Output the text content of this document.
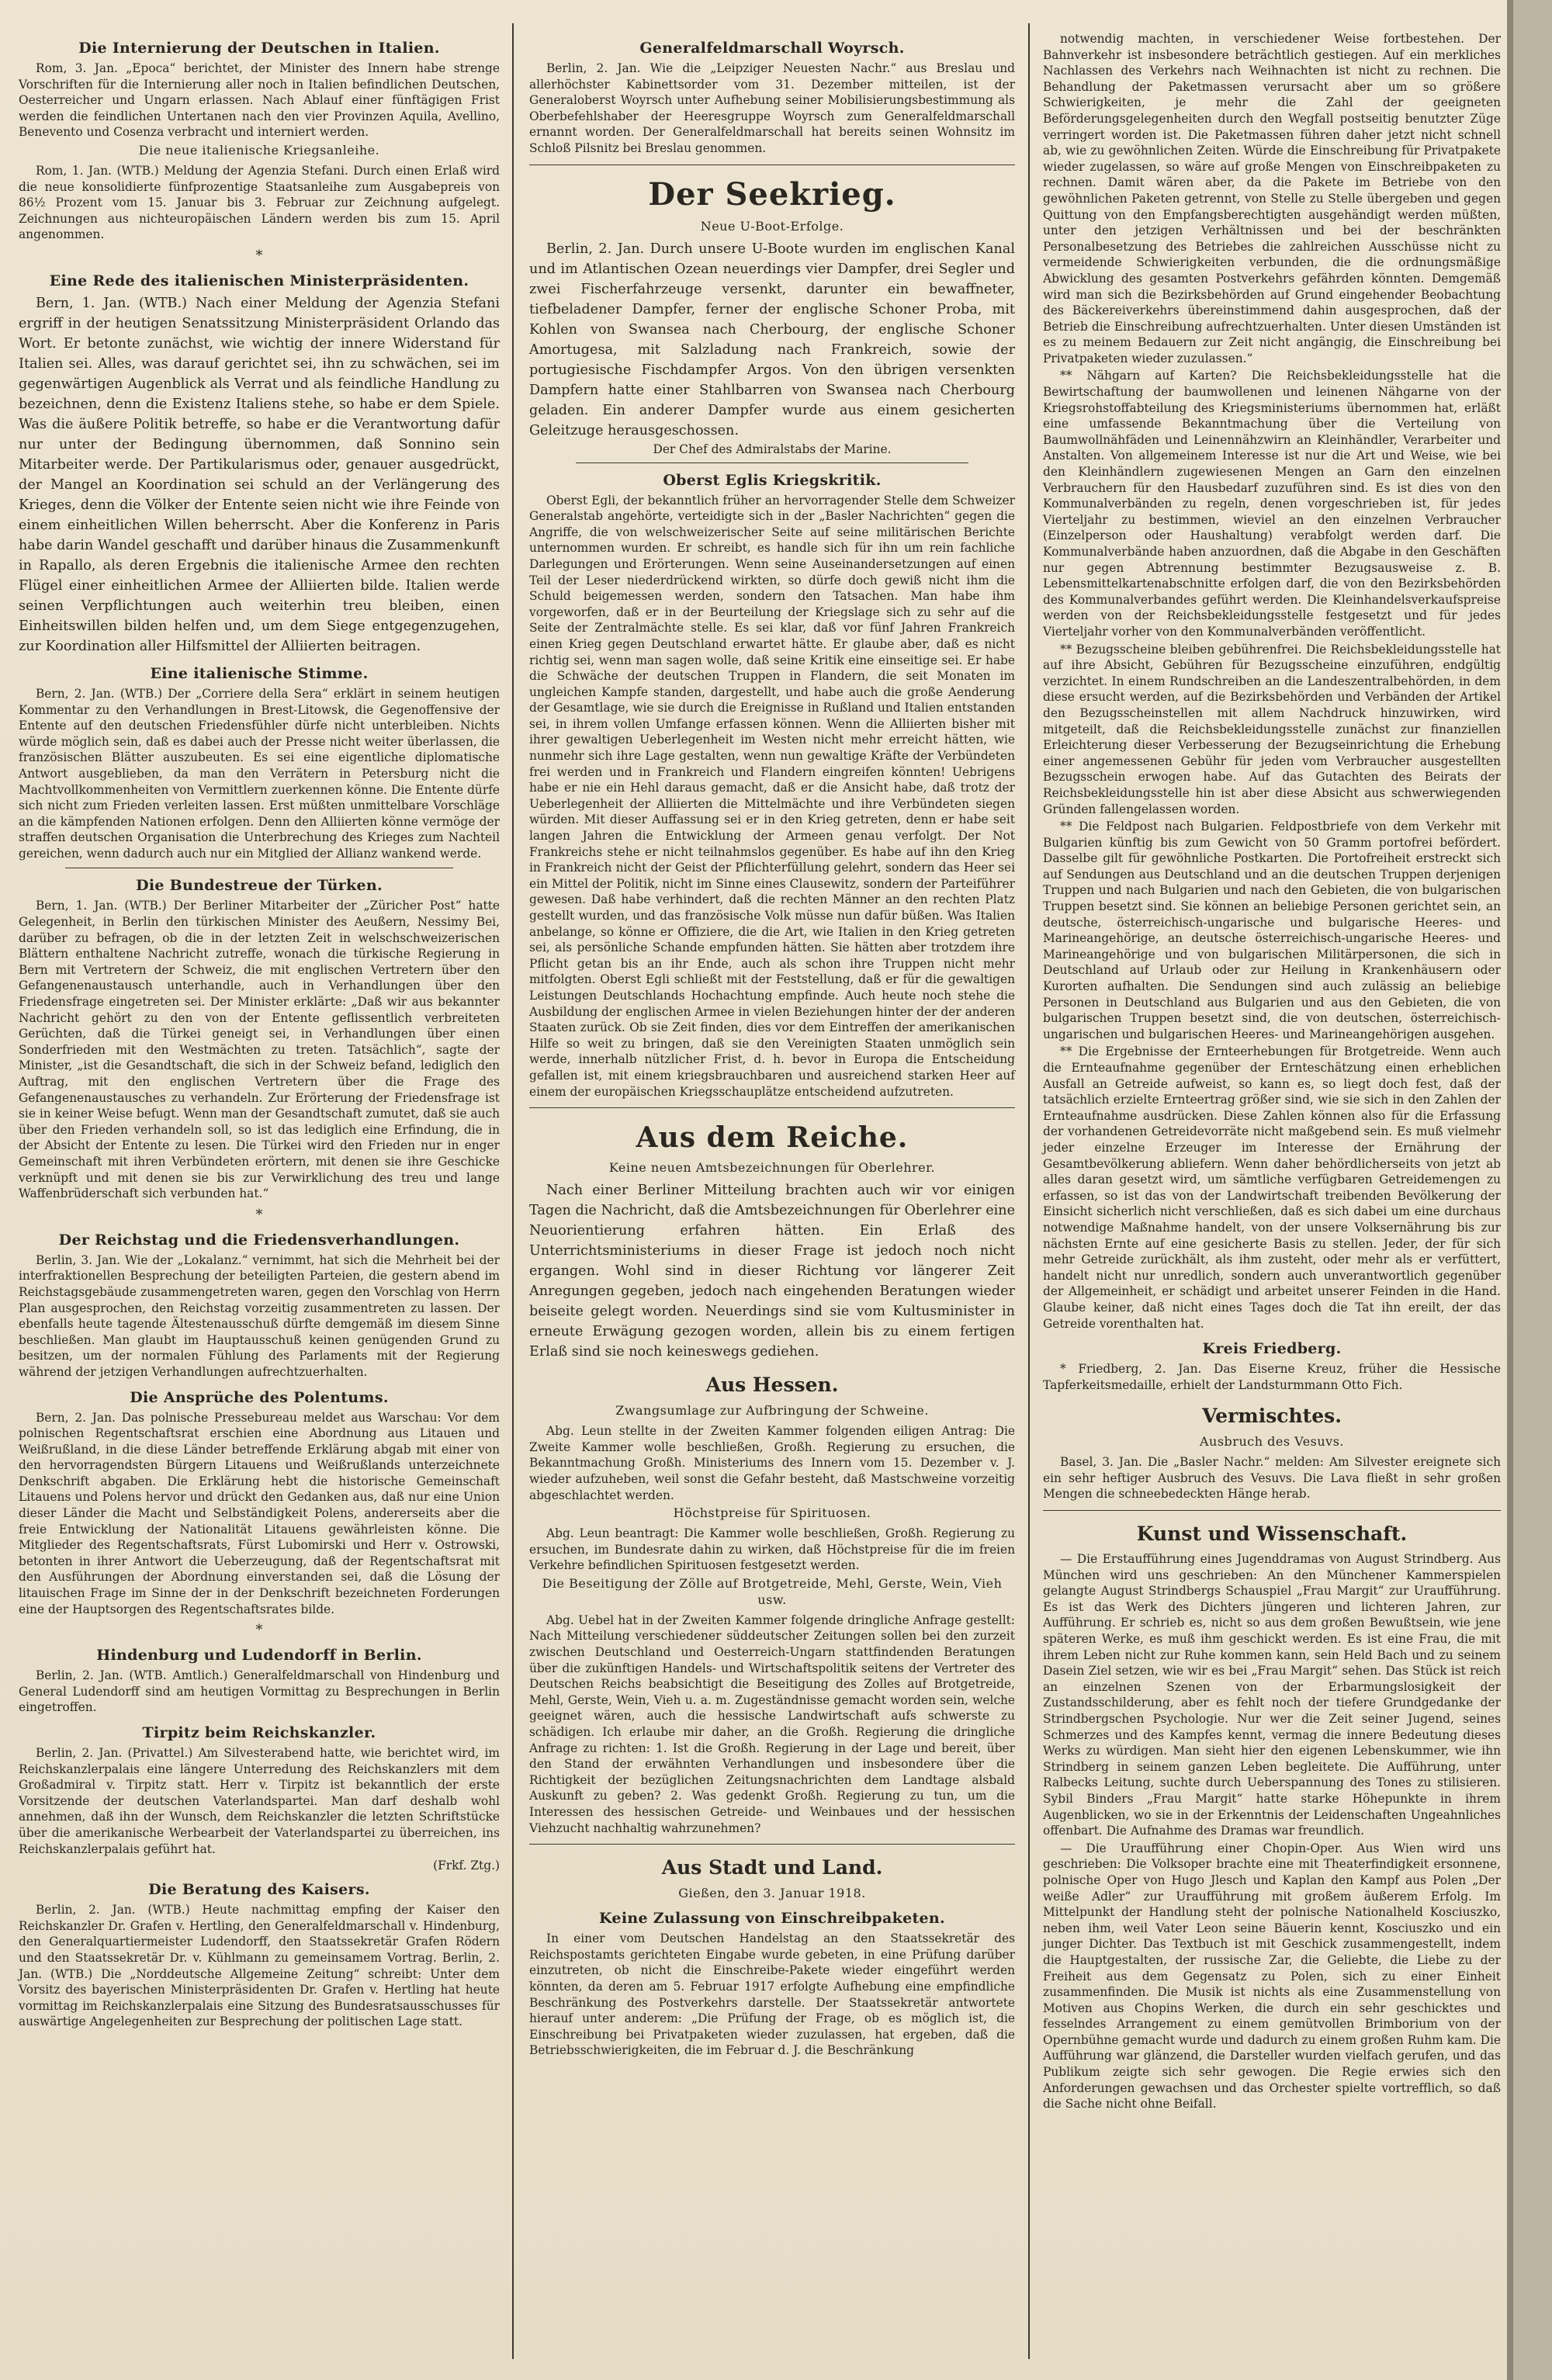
Die Internierung der Deutschen in Italien.

Rom, 3. Jan. „Epoca“ berichtet, der Minister des Innern habe strenge Vorschriften für die Internierung aller noch in Italien befindlichen Deutschen, Oesterreicher und Ungarn erlassen. Nach Ablauf einer fünftägigen Frist werden die feindlichen Untertanen nach den vier Provinzen Aquila, Avellino, Benevento und Cosenza verbracht und interniert werden.

Die neue italienische Kriegsanleihe.

Rom, 1. Jan. (WTB.) Meldung der Agenzia Stefani. Durch einen Erlaß wird die neue konsolidierte fünfprozentige Staatsanleihe zum Ausgabepreis von 86½ Prozent vom 15. Januar bis 3. Februar zur Zeichnung aufgelegt. Zeichnungen aus nichteuropäischen Ländern werden bis zum 15. April angenommen.

*
Eine Rede des italienischen Ministerpräsidenten.

Bern, 1. Jan. (WTB.) Nach einer Meldung der Agenzia Stefani ergriff in der heutigen Senatssitzung Ministerpräsident Orlando das Wort. Er betonte zunächst, wie wichtig der innere Widerstand für Italien sei. Alles, was darauf gerichtet sei, ihn zu schwächen, sei im gegenwärtigen Augenblick als Verrat und als feindliche Handlung zu bezeichnen, denn die Existenz Italiens stehe, so habe er dem Spiele. Was die äußere Politik betreffe, so habe er die Verantwortung dafür nur unter der Bedingung übernommen, daß Sonnino sein Mitarbeiter werde. Der Partikularismus oder, genauer ausgedrückt, der Mangel an Koordination sei schuld an der Verlängerung des Krieges, denn die Völker der Entente seien nicht wie ihre Feinde von einem einheitlichen Willen beherrscht. Aber die Konferenz in Paris habe darin Wandel geschafft und darüber hinaus die Zusammenkunft in Rapallo, als deren Ergebnis die italienische Armee den rechten Flügel einer einheitlichen Armee der Alliierten bilde. Italien werde seinen Verpflichtungen auch weiterhin treu bleiben, einen Einheitswillen bilden helfen und, um dem Siege entgegenzugehen, zur Koordination aller Hilfsmittel der Alliierten beitragen.

Eine italienische Stimme.

Bern, 2. Jan. (WTB.) Der „Corriere della Sera“ erklärt in seinem heutigen Kommentar zu den Verhandlungen in Brest-Litowsk, die Gegenoffensive der Entente auf den deutschen Friedensfühler dürfe nicht unterbleiben. Nichts würde möglich sein, daß es dabei auch der Presse nicht weiter überlassen, die französischen Blätter auszubeuten. Es sei eine eigentliche diplomatische Antwort ausgeblieben, da man den Verrätern in Petersburg nicht die Machtvollkommenheiten von Vermittlern zuerkennen könne. Die Entente dürfe sich nicht zum Frieden verleiten lassen. Erst müßten unmittelbare Vorschläge an die kämpfenden Nationen erfolgen. Denn den Alliierten könne vermöge der straffen deutschen Organisation die Unterbrechung des Krieges zum Nachteil gereichen, wenn dadurch auch nur ein Mitglied der Allianz wankend werde.

Die Bundestreue der Türken.

Bern, 1. Jan. (WTB.) Der Berliner Mitarbeiter der „Züricher Post“ hatte Gelegenheit, in Berlin den türkischen Minister des Aeußern, Nessimy Bei, darüber zu befragen, ob die in der letzten Zeit in welschschweizerischen Blättern enthaltene Nachricht zutreffe, wonach die türkische Regierung in Bern mit Vertretern der Schweiz, die mit englischen Vertretern über den Gefangenenaustausch unterhandle, auch in Verhandlungen über den Friedensfrage eingetreten sei. Der Minister erklärte: „Daß wir aus bekannter Nachricht gehört zu den von der Entente geflissentlich verbreiteten Gerüchten, daß die Türkei geneigt sei, in Verhandlungen über einen Sonderfrieden mit den Westmächten zu treten. Tatsächlich“, sagte der Minister, „ist die Gesandtschaft, die sich in der Schweiz befand, lediglich den Auftrag, mit den englischen Vertretern über die Frage des Gefangenenaustausches zu verhandeln. Zur Erörterung der Friedensfrage ist sie in keiner Weise befugt. Wenn man der Gesandtschaft zumutet, daß sie auch über den Frieden verhandeln soll, so ist das lediglich eine Erfindung, die in der Absicht der Entente zu lesen. Die Türkei wird den Frieden nur in enger Gemeinschaft mit ihren Verbündeten erörtern, mit denen sie ihre Geschicke verknüpft und mit denen sie bis zur Verwirklichung des treu und lange Waffenbrüderschaft sich verbunden hat.“

*
Der Reichstag und die Friedensverhandlungen.

Berlin, 3. Jan. Wie der „Lokalanz.“ vernimmt, hat sich die Mehrheit bei der interfraktionellen Besprechung der beteiligten Parteien, die gestern abend im Reichstagsgebäude zusammengetreten waren, gegen den Vorschlag von Herrn Plan ausgesprochen, den Reichstag vorzeitig zusammentreten zu lassen. Der ebenfalls heute tagende Ältestenausschuß dürfte demgemäß im diesem Sinne beschließen. Man glaubt im Hauptausschuß keinen genügenden Grund zu besitzen, um der normalen Fühlung des Parlaments mit der Regierung während der jetzigen Verhandlungen aufrechtzuerhalten.

Die Ansprüche des Polentums.

Bern, 2. Jan. Das polnische Pressebureau meldet aus Warschau: Vor dem polnischen Regentschaftsrat erschien eine Abordnung aus Litauen und Weißrußland, in die diese Länder betreffende Erklärung abgab mit einer von den hervorragendsten Bürgern Litauens und Weißrußlands unterzeichnete Denkschrift abgaben. Die Erklärung hebt die historische Gemeinschaft Litauens und Polens hervor und drückt den Gedanken aus, daß nur eine Union dieser Länder die Macht und Selbständigkeit Polens, andererseits aber die freie Entwicklung der Nationalität Litauens gewährleisten könne. Die Mitglieder des Regentschaftsrats, Fürst Lubomirski und Herr v. Ostrowski, betonten in ihrer Antwort die Ueberzeugung, daß der Regentschaftsrat mit den Ausführungen der Abordnung einverstanden sei, daß die Lösung der litauischen Frage im Sinne der in der Denkschrift bezeichneten Forderungen eine der Hauptsorgen des Regentschaftsrates bilde.

*
Hindenburg und Ludendorff in Berlin.

Berlin, 2. Jan. (WTB. Amtlich.) Generalfeldmarschall von Hindenburg und General Ludendorff sind am heutigen Vormittag zu Besprechungen in Berlin eingetroffen.

Tirpitz beim Reichskanzler.

Berlin, 2. Jan. (Privattel.) Am Silvesterabend hatte, wie berichtet wird, im Reichskanzlerpalais eine längere Unterredung des Reichskanzlers mit dem Großadmiral v. Tirpitz statt. Herr v. Tirpitz ist bekanntlich der erste Vorsitzende der deutschen Vaterlandspartei. Man darf deshalb wohl annehmen, daß ihn der Wunsch, dem Reichskanzler die letzten Schriftstücke über die amerikanische Werbearbeit der Vaterlandspartei zu überreichen, ins Reichskanzlerpalais geführt hat.

(Frkf. Ztg.)
Die Beratung des Kaisers.

Berlin, 2. Jan. (WTB.) Heute nachmittag empfing der Kaiser den Reichskanzler Dr. Grafen v. Hertling, den Generalfeldmarschall v. Hindenburg, den Generalquartiermeister Ludendorff, den Staatssekretär Grafen Rödern und den Staatssekretär Dr. v. Kühlmann zu gemeinsamem Vortrag. Berlin, 2. Jan. (WTB.) Die „Norddeutsche Allgemeine Zeitung“ schreibt: Unter dem Vorsitz des bayerischen Ministerpräsidenten Dr. Grafen v. Hertling hat heute vormittag im Reichskanzlerpalais eine Sitzung des Bundesratsausschusses für auswärtige Angelegenheiten zur Besprechung der politischen Lage statt.

Generalfeldmarschall Woyrsch.

Berlin, 2. Jan. Wie die „Leipziger Neuesten Nachr.“ aus Breslau und allerhöchster Kabinettsorder vom 31. Dezember mitteilen, ist der Generaloberst Woyrsch unter Aufhebung seiner Mobilisierungsbestimmung als Oberbefehlshaber der Heeresgruppe Woyrsch zum Generalfeldmarschall ernannt worden. Der Generalfeldmarschall hat bereits seinen Wohnsitz im Schloß Pilsnitz bei Breslau genommen.

Der Seekrieg.
Neue U-Boot-Erfolge.

Berlin, 2. Jan. Durch unsere U-Boote wurden im englischen Kanal und im Atlantischen Ozean neuerdings vier Dampfer, drei Segler und zwei Fischerfahrzeuge versenkt, darunter ein bewaffneter, tiefbeladener Dampfer, ferner der englische Schoner Proba, mit Kohlen von Swansea nach Cherbourg, der englische Schoner Amortugesa, mit Salzladung nach Frankreich, sowie der portugiesische Fischdampfer Argos. Von den übrigen versenkten Dampfern hatte einer Stahlbarren von Swansea nach Cherbourg geladen. Ein anderer Dampfer wurde aus einem gesicherten Geleitzuge herausgeschossen.

Der Chef des Admiralstabs der Marine.
Oberst Eglis Kriegskritik.

Oberst Egli, der bekanntlich früher an hervorragender Stelle dem Schweizer Generalstab angehörte, verteidigte sich in der „Basler Nachrichten“ gegen die Angriffe, die von welschweizerischer Seite auf seine militärischen Berichte unternommen wurden. Er schreibt, es handle sich für ihn um rein fachliche Darlegungen und Erörterungen. Wenn seine Auseinandersetzungen auf einen Teil der Leser niederdrückend wirkten, so dürfe doch gewiß nicht ihm die Schuld beigemessen werden, sondern den Tatsachen. Man habe ihm vorgeworfen, daß er in der Beurteilung der Kriegslage sich zu sehr auf die Seite der Zentralmächte stelle. Es sei klar, daß vor fünf Jahren Frankreich einen Krieg gegen Deutschland erwartet hätte. Er glaube aber, daß es nicht richtig sei, wenn man sagen wolle, daß seine Kritik eine einseitige sei. Er habe die Schwäche der deutschen Truppen in Flandern, die seit Monaten im ungleichen Kampfe standen, dargestellt, und habe auch die große Aenderung der Gesamtlage, wie sie durch die Ereignisse in Rußland und Italien entstanden sei, in ihrem vollen Umfange erfassen können. Wenn die Alliierten bisher mit ihrer gewaltigen Ueberlegenheit im Westen nicht mehr erreicht hätten, wie nunmehr sich ihre Lage gestalten, wenn nun gewaltige Kräfte der Verbündeten frei werden und in Frankreich und Flandern eingreifen könnten! Uebrigens habe er nie ein Hehl daraus gemacht, daß er die Ansicht habe, daß trotz der Ueberlegenheit der Alliierten die Mittelmächte und ihre Verbündeten siegen würden. Mit dieser Auffassung sei er in den Krieg getreten, denn er habe seit langen Jahren die Entwicklung der Armeen genau verfolgt. Der Not Frankreichs stehe er nicht teilnahmslos gegenüber. Es habe auf ihn den Krieg in Frankreich nicht der Geist der Pflichterfüllung gelehrt, sondern das Heer sei ein Mittel der Politik, nicht im Sinne eines Clausewitz, sondern der Parteiführer gewesen. Daß habe verhindert, daß die rechten Männer an den rechten Platz gestellt wurden, und das französische Volk müsse nun dafür büßen. Was Italien anbelange, so könne er Offiziere, die die Art, wie Italien in den Krieg getreten sei, als persönliche Schande empfunden hätten. Sie hätten aber trotzdem ihre Pflicht getan bis an ihr Ende, auch als schon ihre Truppen nicht mehr mitfolgten. Oberst Egli schließt mit der Feststellung, daß er für die gewaltigen Leistungen Deutschlands Hochachtung empfinde. Auch heute noch stehe die Ausbildung der englischen Armee in vielen Beziehungen hinter der der anderen Staaten zurück. Ob sie Zeit finden, dies vor dem Eintreffen der amerikanischen Hilfe so weit zu bringen, daß sie den Vereinigten Staaten unmöglich sein werde, innerhalb nützlicher Frist, d. h. bevor in Europa die Entscheidung gefallen ist, mit einem kriegsbrauchbaren und ausreichend starken Heer auf einem der europäischen Kriegsschauplätze entscheidend aufzutreten.

Aus dem Reiche.
Keine neuen Amtsbezeichnungen für Oberlehrer.

Nach einer Berliner Mitteilung brachten auch wir vor einigen Tagen die Nachricht, daß die Amtsbezeichnungen für Oberlehrer eine Neuorientierung erfahren hätten. Ein Erlaß des Unterrichtsministeriums in dieser Frage ist jedoch noch nicht ergangen. Wohl sind in dieser Richtung vor längerer Zeit Anregungen gegeben, jedoch nach eingehenden Beratungen wieder beiseite gelegt worden. Neuerdings sind sie vom Kultusminister in erneute Erwägung gezogen worden, allein bis zu einem fertigen Erlaß sind sie noch keineswegs gediehen.

Aus Hessen.
Zwangsumlage zur Aufbringung der Schweine.

Abg. Leun stellte in der Zweiten Kammer folgenden eiligen Antrag: Die Zweite Kammer wolle beschließen, Großh. Regierung zu ersuchen, die Bekanntmachung Großh. Ministeriums des Innern vom 15. Dezember v. J. wieder aufzuheben, weil sonst die Gefahr besteht, daß Mastschweine vorzeitig abgeschlachtet werden.

Höchstpreise für Spirituosen.

Abg. Leun beantragt: Die Kammer wolle beschließen, Großh. Regierung zu ersuchen, im Bundesrate dahin zu wirken, daß Höchstpreise für die im freien Verkehre befindlichen Spirituosen festgesetzt werden.

Die Beseitigung der Zölle auf Brotgetreide, Mehl, Gerste, Wein, Vieh usw.

Abg. Uebel hat in der Zweiten Kammer folgende dringliche Anfrage gestellt: Nach Mitteilung verschiedener süddeutscher Zeitungen sollen bei den zurzeit zwischen Deutschland und Oesterreich-Ungarn stattfindenden Beratungen über die zukünftigen Handels- und Wirtschaftspolitik seitens der Vertreter des Deutschen Reichs beabsichtigt die Beseitigung des Zolles auf Brotgetreide, Mehl, Gerste, Wein, Vieh u. a. m. Zugeständnisse gemacht worden sein, welche geeignet wären, auch die hessische Landwirtschaft aufs schwerste zu schädigen. Ich erlaube mir daher, an die Großh. Regierung die dringliche Anfrage zu richten: 1. Ist die Großh. Regierung in der Lage und bereit, über den Stand der erwähnten Verhandlungen und insbesondere über die Richtigkeit der bezüglichen Zeitungsnachrichten dem Landtage alsbald Auskunft zu geben? 2. Was gedenkt Großh. Regierung zu tun, um die Interessen des hessischen Getreide- und Weinbaues und der hessischen Viehzucht nachhaltig wahrzunehmen?

Aus Stadt und Land.
Gießen, den 3. Januar 1918.
Keine Zulassung von Einschreibpaketen.

In einer vom Deutschen Handelstag an den Staatssekretär des Reichspostamts gerichteten Eingabe wurde gebeten, in eine Prüfung darüber einzutreten, ob nicht die Einschreibe-Pakete wieder eingeführt werden könnten, da deren am 5. Februar 1917 erfolgte Aufhebung eine empfindliche Beschränkung des Postverkehrs darstelle. Der Staatssekretär antwortete hierauf unter anderem: „Die Prüfung der Frage, ob es möglich ist, die Einschreibung bei Privatpaketen wieder zuzulassen, hat ergeben, daß die Betriebsschwierigkeiten, die im Februar d. J. die Beschränkung

notwendig machten, in verschiedener Weise fortbestehen. Der Bahnverkehr ist insbesondere beträchtlich gestiegen. Auf ein merkliches Nachlassen des Verkehrs nach Weihnachten ist nicht zu rechnen. Die Behandlung der Paketmassen verursacht aber um so größere Schwierigkeiten, je mehr die Zahl der geeigneten Beförderungsgelegenheiten durch den Wegfall postseitig benutzter Züge verringert worden ist. Die Paketmassen führen daher jetzt nicht schnell ab, wie zu gewöhnlichen Zeiten. Würde die Einschreibung für Privatpakete wieder zugelassen, so wäre auf große Mengen von Einschreibpaketen zu rechnen. Damit wären aber, da die Pakete im Betriebe von den gewöhnlichen Paketen getrennt, von Stelle zu Stelle übergeben und gegen Quittung von den Empfangsberechtigten ausgehändigt werden müßten, unter den jetzigen Verhältnissen und bei der beschränkten Personalbesetzung des Betriebes die zahlreichen Ausschüsse nicht zu vermeidende Schwierigkeiten verbunden, die die ordnungsmäßige Abwicklung des gesamten Postverkehrs gefährden könnten. Demgemäß wird man sich die Bezirksbehörden auf Grund eingehender Beobachtung des Bäckereiverkehrs übereinstimmend dahin ausgesprochen, daß der Betrieb die Einschreibung aufrechtzuerhalten. Unter diesen Umständen ist es zu meinem Bedauern zur Zeit nicht angängig, die Einschreibung bei Privatpaketen wieder zuzulassen.“

** Nähgarn auf Karten? Die Reichsbekleidungsstelle hat die Bewirtschaftung der baumwollenen und leinenen Nähgarne von der Kriegsrohstoffabteilung des Kriegsministeriums übernommen hat, erläßt eine umfassende Bekanntmachung über die Verteilung von Baumwollnähfäden und Leinennähzwirn an Kleinhändler, Verarbeiter und Anstalten. Von allgemeinem Interesse ist nur die Art und Weise, wie bei den Kleinhändlern zugewiesenen Mengen an Garn den einzelnen Verbrauchern für den Hausbedarf zuzuführen sind. Es ist dies von den Kommunalverbänden zu regeln, denen vorgeschrieben ist, für jedes Vierteljahr zu bestimmen, wieviel an den einzelnen Verbraucher (Einzelperson oder Haushaltung) verabfolgt werden darf. Die Kommunalverbände haben anzuordnen, daß die Abgabe in den Geschäften nur gegen Abtrennung bestimmter Bezugsausweise z. B. Lebensmittelkartenabschnitte erfolgen darf, die von den Bezirksbehörden des Kommunalverbandes geführt werden. Die Kleinhandelsverkaufspreise werden von der Reichsbekleidungsstelle festgesetzt und für jedes Vierteljahr vorher von den Kommunalverbänden veröffentlicht.

** Bezugsscheine bleiben gebührenfrei. Die Reichsbekleidungsstelle hat auf ihre Absicht, Gebühren für Bezugsscheine einzuführen, endgültig verzichtet. In einem Rundschreiben an die Landeszentralbehörden, in dem diese ersucht werden, auf die Bezirksbehörden und Verbänden der Artikel den Bezugsscheinstellen mit allem Nachdruck hinzuwirken, wird mitgeteilt, daß die Reichsbekleidungsstelle zunächst zur finanziellen Erleichterung dieser Verbesserung der Bezugseinrichtung die Erhebung einer angemessenen Gebühr für jeden vom Verbraucher ausgestellten Bezugsschein erwogen habe. Auf das Gutachten des Beirats der Reichsbekleidungsstelle hin ist aber diese Absicht aus schwerwiegenden Gründen fallengelassen worden.

** Die Feldpost nach Bulgarien. Feldpostbriefe von dem Verkehr mit Bulgarien künftig bis zum Gewicht von 50 Gramm portofrei befördert. Dasselbe gilt für gewöhnliche Postkarten. Die Portofreiheit erstreckt sich auf Sendungen aus Deutschland und an die deutschen Truppen derjenigen Truppen und nach Bulgarien und nach den Gebieten, die von bulgarischen Truppen besetzt sind. Sie können an beliebige Personen gerichtet sein, an deutsche, österreichisch-ungarische und bulgarische Heeres- und Marineangehörige, an deutsche österreichisch-ungarische Heeres- und Marineangehörige und von bulgarischen Militärpersonen, die sich in Deutschland auf Urlaub oder zur Heilung in Krankenhäusern oder Kurorten aufhalten. Die Sendungen sind auch zulässig an beliebige Personen in Deutschland aus Bulgarien und aus den Gebieten, die von bulgarischen Truppen besetzt sind, die von deutschen, österreichisch-ungarischen und bulgarischen Heeres- und Marineangehörigen ausgehen.

** Die Ergebnisse der Ernteerhebungen für Brotgetreide. Wenn auch die Ernteaufnahme gegenüber der Ernteschätzung einen erheblichen Ausfall an Getreide aufweist, so kann es, so liegt doch fest, daß der tatsächlich erzielte Ernteertrag größer sind, wie sie sich in den Zahlen der Ernteaufnahme ausdrücken. Diese Zahlen können also für die Erfassung der vorhandenen Getreidevorräte nicht maßgebend sein. Es muß vielmehr jeder einzelne Erzeuger im Interesse der Ernährung der Gesamtbevölkerung abliefern. Wenn daher behördlicherseits von jetzt ab alles daran gesetzt wird, um sämtliche verfügbaren Getreidemengen zu erfassen, so ist das von der Landwirtschaft treibenden Bevölkerung der Einsicht sicherlich nicht verschließen, daß es sich dabei um eine durchaus notwendige Maßnahme handelt, von der unsere Volksernährung bis zur nächsten Ernte auf eine gesicherte Basis zu stellen. Jeder, der für sich mehr Getreide zurückhält, als ihm zusteht, oder mehr als er verfüttert, handelt nicht nur unredlich, sondern auch unverantwortlich gegenüber der Allgemeinheit, er schädigt und arbeitet unserer Feinden in die Hand. Glaube keiner, daß nicht eines Tages doch die Tat ihn ereilt, der das Getreide vorenthalten hat.

Kreis Friedberg.

* Friedberg, 2. Jan. Das Eiserne Kreuz, früher die Hessische Tapferkeitsmedaille, erhielt der Landsturmmann Otto Fich.

Vermischtes.
Ausbruch des Vesuvs.

Basel, 3. Jan. Die „Basler Nachr.“ melden: Am Silvester ereignete sich ein sehr heftiger Ausbruch des Vesuvs. Die Lava fließt in sehr großen Mengen die schneebedeckten Hänge herab.

Kunst und Wissenschaft.

— Die Erstaufführung eines Jugenddramas von August Strindberg. Aus München wird uns geschrieben: An den Münchener Kammerspielen gelangte August Strindbergs Schauspiel „Frau Margit“ zur Uraufführung. Es ist das Werk des Dichters jüngeren und lichteren Jahren, zur Aufführung. Er schrieb es, nicht so aus dem großen Bewußtsein, wie jene späteren Werke, es muß ihm geschickt werden. Es ist eine Frau, die mit ihrem Leben nicht zur Ruhe kommen kann, sein Held Bach und zu seinem Dasein Ziel setzen, wie wir es bei „Frau Margit“ sehen. Das Stück ist reich an einzelnen Szenen von der Erbarmungslosigkeit der Zustandsschilderung, aber es fehlt noch der tiefere Grundgedanke der Strindbergschen Psychologie. Nur wer die Zeit seiner Jugend, seines Schmerzes und des Kampfes kennt, vermag die innere Bedeutung dieses Werks zu würdigen. Man sieht hier den eigenen Lebenskummer, wie ihn Strindberg in seinem ganzen Leben begleitete. Die Aufführung, unter Ralbecks Leitung, suchte durch Ueberspannung des Tones zu stilisieren. Sybil Binders „Frau Margit“ hatte starke Höhepunkte in ihrem Augenblicken, wo sie in der Erkenntnis der Leidenschaften Ungeahnliches offenbart. Die Aufnahme des Dramas war freundlich.

— Die Uraufführung einer Chopin-Oper. Aus Wien wird uns geschrieben: Die Volksoper brachte eine mit Theaterfindigkeit ersonnene, polnische Oper von Hugo Jlesch und Kaplan den Kampf aus Polen „Der weiße Adler“ zur Uraufführung mit großem äußerem Erfolg. Im Mittelpunkt der Handlung steht der polnische Nationalheld Kosciuszko, neben ihm, weil Vater Leon seine Bäuerin kennt, Kosciuszko und ein junger Dichter. Das Textbuch ist mit Geschick zusammengestellt, indem die Hauptgestalten, der russische Zar, die Geliebte, die Liebe zu der Freiheit aus dem Gegensatz zu Polen, sich zu einer Einheit zusammenfinden. Die Musik ist nichts als eine Zusammenstellung von Motiven aus Chopins Werken, die durch ein sehr geschicktes und fesselndes Arrangement zu einem gemütvollen Brimborium von der Opernbühne gemacht wurde und dadurch zu einem großen Ruhm kam. Die Aufführung war glänzend, die Darsteller wurden vielfach gerufen, und das Publikum zeigte sich sehr gewogen. Die Regie erwies sich den Anforderungen gewachsen und das Orchester spielte vortrefflich, so daß die Sache nicht ohne Beifall.
